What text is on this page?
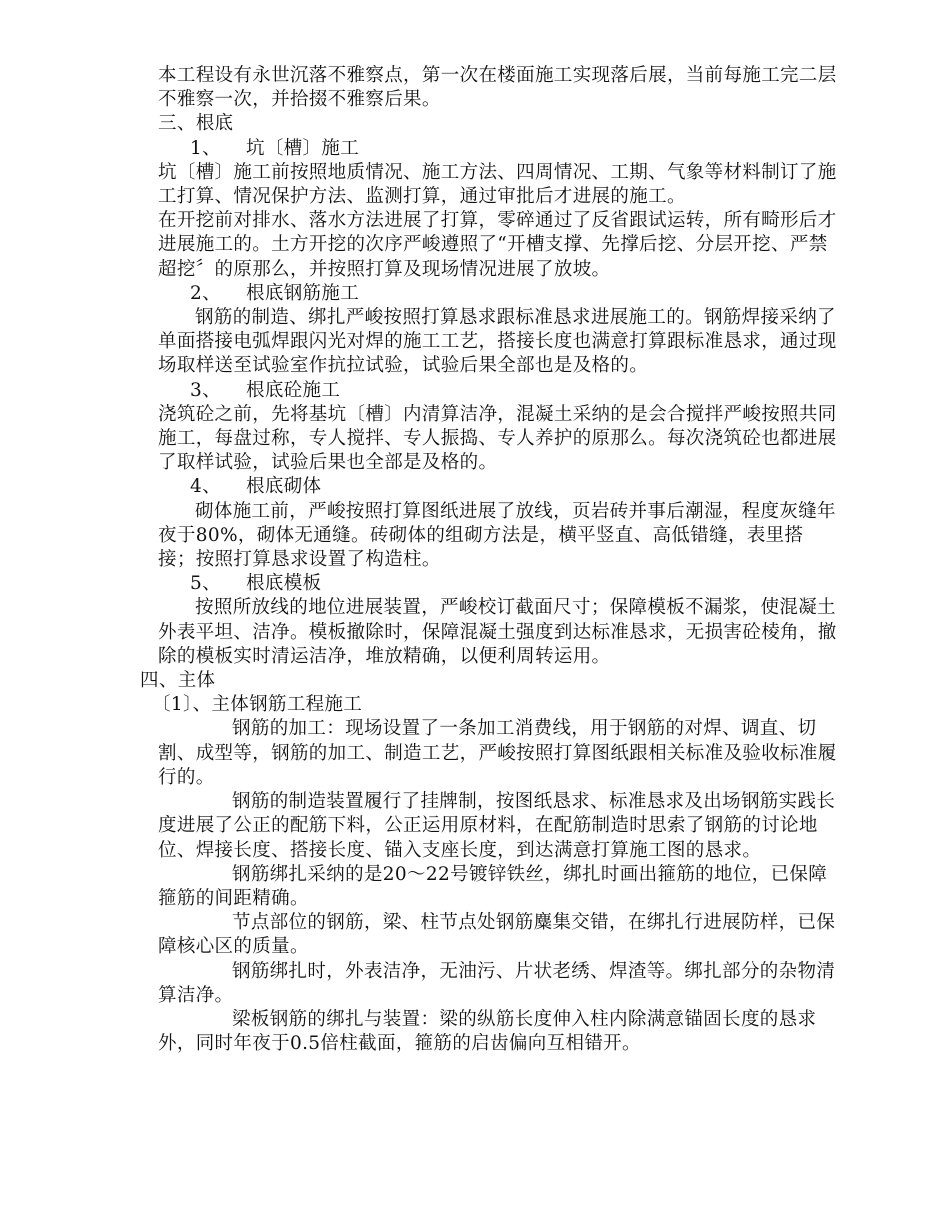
本工程设有永世沉落不雅察点，第一次在楼面施工实现落后展，当前每施工完二层不雅察一次，并拾掇不雅察后果。

三、根底

1、 坑〔槽〕施工

坑〔槽〕施工前按照地质情况、施工方法、四周情况、工期、气象等材料制订了施工打算、情况保护方法、监测打算，通过审批后才进展的施工。

在开挖前对排水、落水方法进展了打算，零碎通过了反省跟试运转，所有畸形后才进展施工的。土方开挖的次序严峻遵照了“开槽支撑、先撑后挖、分层开挖、严禁超挖〞的原那么，并按照打算及现场情况进展了放坡。

2、 根底钢筋施工

钢筋的制造、绑扎严峻按照打算恳求跟标准恳求进展施工的。钢筋焊接采纳了单面搭接电弧焊跟闪光对焊的施工工艺，搭接长度也满意打算跟标准恳求，通过现场取样送至试验室作抗拉试验，试验后果全部也是及格的。

3、 根底砼施工

浇筑砼之前，先将基坑〔槽〕内清算洁净，混凝土采纳的是会合搅拌严峻按照共同施工，每盘过称，专人搅拌、专人振捣、专人养护的原那么。每次浇筑砼也都进展了取样试验，试验后果也全部是及格的。

4、 根底砌体

砌体施工前，严峻按照打算图纸进展了放线，页岩砖并事后潮湿，程度灰缝年夜于80%，砌体无通缝。砖砌体的组砌方法是，横平竖直、高低错缝，表里搭接；按照打算恳求设置了构造柱。

5、 根底模板

按照所放线的地位进展装置，严峻校订截面尺寸；保障模板不漏浆，使混凝土外表平坦、洁净。模板撤除时，保障混凝土强度到达标准恳求，无损害砼棱角，撤除的模板实时清运洁净，堆放精确，以便利周转运用。

四、主体

〔1〕、主体钢筋工程施工

钢筋的加工：现场设置了一条加工消费线，用于钢筋的对焊、调直、切割、成型等，钢筋的加工、制造工艺，严峻按照打算图纸跟相关标准及验收标准履行的。

钢筋的制造装置履行了挂牌制，按图纸恳求、标准恳求及出场钢筋实践长度进展了公正的配筋下料，公正运用原材料，在配筋制造时思索了钢筋的讨论地位、焊接长度、搭接长度、锚入支座长度，到达满意打算施工图的恳求。

钢筋绑扎采纳的是20～22号镀锌铁丝，绑扎时画出箍筋的地位，已保障箍筋的间距精确。

节点部位的钢筋，梁、柱节点处钢筋麋集交错，在绑扎行进展防样，已保障核心区的质量。

钢筋绑扎时，外表洁净，无油污、片状老绣、焊渣等。绑扎部分的杂物清算洁净。

梁板钢筋的绑扎与装置：梁的纵筋长度伸入柱内除满意锚固长度的恳求外，同时年夜于0.5倍柱截面，箍筋的启齿偏向互相错开。
